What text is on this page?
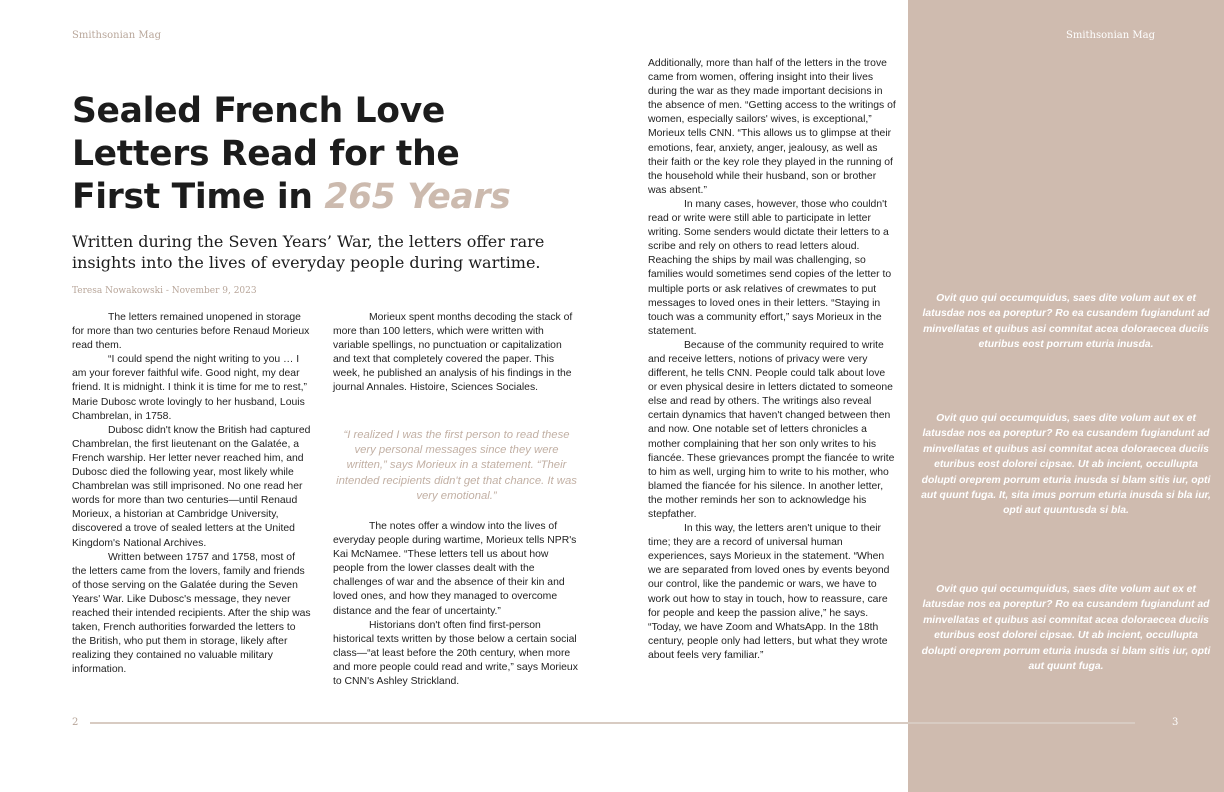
Smithsonian Mag	Smithsonian Mag
Sealed French Love Letters Read for the First Time in 265 Years
Written during the Seven Years’ War, the letters offer rare insights into the lives of everyday people during wartime.
Teresa Nowakowski - November 9, 2023

The letters remained unopened in storage for more than two centuries before Renaud Morieux read them.

“I could spend the night writing to you … I am your forever faithful wife. Good night, my dear friend. It is midnight. I think it is time for me to rest,” Marie Dubosc wrote lovingly to her husband, Louis Chambrelan, in 1758.

Dubosc didn't know the British had captured Chambrelan, the first lieutenant on the Galatée, a French warship. Her letter never reached him, and Dubosc died the following year, most likely while Chambrelan was still imprisoned. No one read her words for more than two centuries—until Renaud Morieux, a historian at Cambridge University, discovered a trove of sealed letters at the United Kingdom's National Archives.

Written between 1757 and 1758, most of the letters came from the lovers, family and friends of those serving on the Galatée during the Seven Years' War. Like Dubosc's message, they never reached their intended recipients. After the ship was taken, French authorities forwarded the letters to the British, who put them in storage, likely after realizing they contained no valuable military information.

Morieux spent months decoding the stack of more than 100 letters, which were written with variable spellings, no punctuation or capitalization and text that completely covered the paper. This week, he published an analysis of his findings in the journal Annales. Histoire, Sciences Sociales.

“I realized I was the first person to read these very personal messages since they were written,” says Morieux in a statement. “Their intended recipients didn't get that chance. It was very emotional.”

The notes offer a window into the lives of everyday people during wartime, Morieux tells NPR's Kai McNamee. “These letters tell us about how people from the lower classes dealt with the challenges of war and the absence of their kin and loved ones, and how they managed to overcome distance and the fear of uncertainty.”

Historians don't often find first-person historical texts written by those below a certain social class—“at least before the 20th century, when more and more people could read and write,” says Morieux to CNN's Ashley Strickland.

Additionally, more than half of the letters in the trove came from women, offering insight into their lives during the war as they made important decisions in the absence of men. “Getting access to the writings of women, especially sailors' wives, is exceptional,” Morieux tells CNN. “This allows us to glimpse at their emotions, fear, anxiety, anger, jealousy, as well as their faith or the key role they played in the running of the household while their husband, son or brother was absent.”

In many cases, however, those who couldn't read or write were still able to participate in letter writing. Some senders would dictate their letters to a scribe and rely on others to read letters aloud. Reaching the ships by mail was challenging, so families would sometimes send copies of the letter to multiple ports or ask relatives of crewmates to put messages to loved ones in their letters. “Staying in touch was a community effort,” says Morieux in the statement.

Because of the community required to write and receive letters, notions of privacy were very different, he tells CNN. People could talk about love or even physical desire in letters dictated to someone else and read by others. The writings also reveal certain dynamics that haven't changed between then and now. One notable set of letters chronicles a mother complaining that her son only writes to his fiancée. These grievances prompt the fiancée to write to him as well, urging him to write to his mother, who blamed the fiancée for his silence. In another letter, the mother reminds her son to acknowledge his stepfather.

In this way, the letters aren't unique to their time; they are a record of universal human experiences, says Morieux in the statement. “When we are separated from loved ones by events beyond our control, like the pandemic or wars, we have to work out how to stay in touch, how to reassure, care for people and keep the passion alive,” he says. “Today, we have Zoom and WhatsApp. In the 18th century, people only had letters, but what they wrote about feels very familiar.”

Ovit quo qui occumquidus, saes dite volum aut ex et latusdae nos ea poreptur? Ro ea cusandem fugiandunt ad minvellatas et quibus asi comnitat acea doloraecea duciis eturibus eost porrum eturia inusda.
Ovit quo qui occumquidus, saes dite volum aut ex et latusdae nos ea poreptur? Ro ea cusandem fugiandunt ad minvellatas et quibus asi comnitat acea doloraecea duciis eturibus eost dolorei cipsae. Ut ab incient, occullupta dolupti oreprem porrum eturia inusda si blam sitis iur, opti aut quunt fuga. It, sita imus porrum eturia inusda si bla iur, opti aut quuntusda si bla.
Ovit quo qui occumquidus, saes dite volum aut ex et latusdae nos ea poreptur? Ro ea cusandem fugiandunt ad minvellatas et quibus asi comnitat acea doloraecea duciis eturibus eost dolorei cipsae. Ut ab incient, occullupta dolupti oreprem porrum eturia inusda si blam sitis iur, opti aut quunt fuga.
2	3
